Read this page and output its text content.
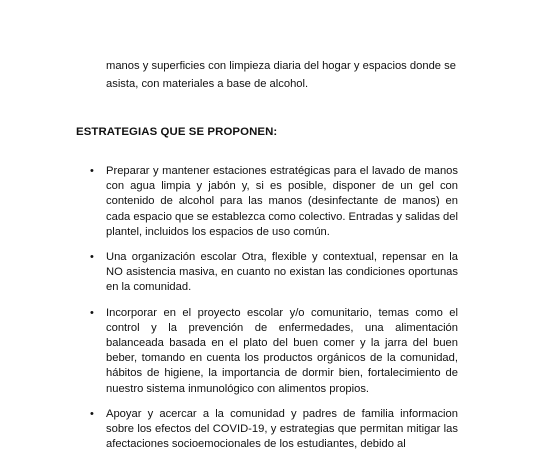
manos y superficies con limpieza diaria del hogar y espacios donde se asista, con materiales a base de alcohol.

ESTRATEGIAS QUE SE PROPONEN:

• Preparar y mantener estaciones estratégicas para el lavado de manos con agua limpia y jabón y, si es posible, disponer de un gel con contenido de alcohol para las manos (desinfectante de manos) en cada espacio que se establezca como colectivo. Entradas y salidas del plantel, incluidos los espacios de uso común.
• Una organización escolar Otra, flexible y contextual, repensar en la NO asistencia masiva, en cuanto no existan las condiciones oportunas en la comunidad.
• Incorporar en el proyecto escolar y/o comunitario, temas como el control y la prevención de enfermedades, una alimentación balanceada basada en el plato del buen comer y la jarra del buen beber, tomando en cuenta los productos orgánicos de la comunidad, hábitos de higiene, la importancia de dormir bien, fortalecimiento de nuestro sistema inmunológico con alimentos propios.
• Apoyar y acercar a la comunidad y padres de familia informacion sobre los efectos del COVID-19, y estrategias que permitan mitigar las afectaciones socioemocionales de los estudiantes, debido al
